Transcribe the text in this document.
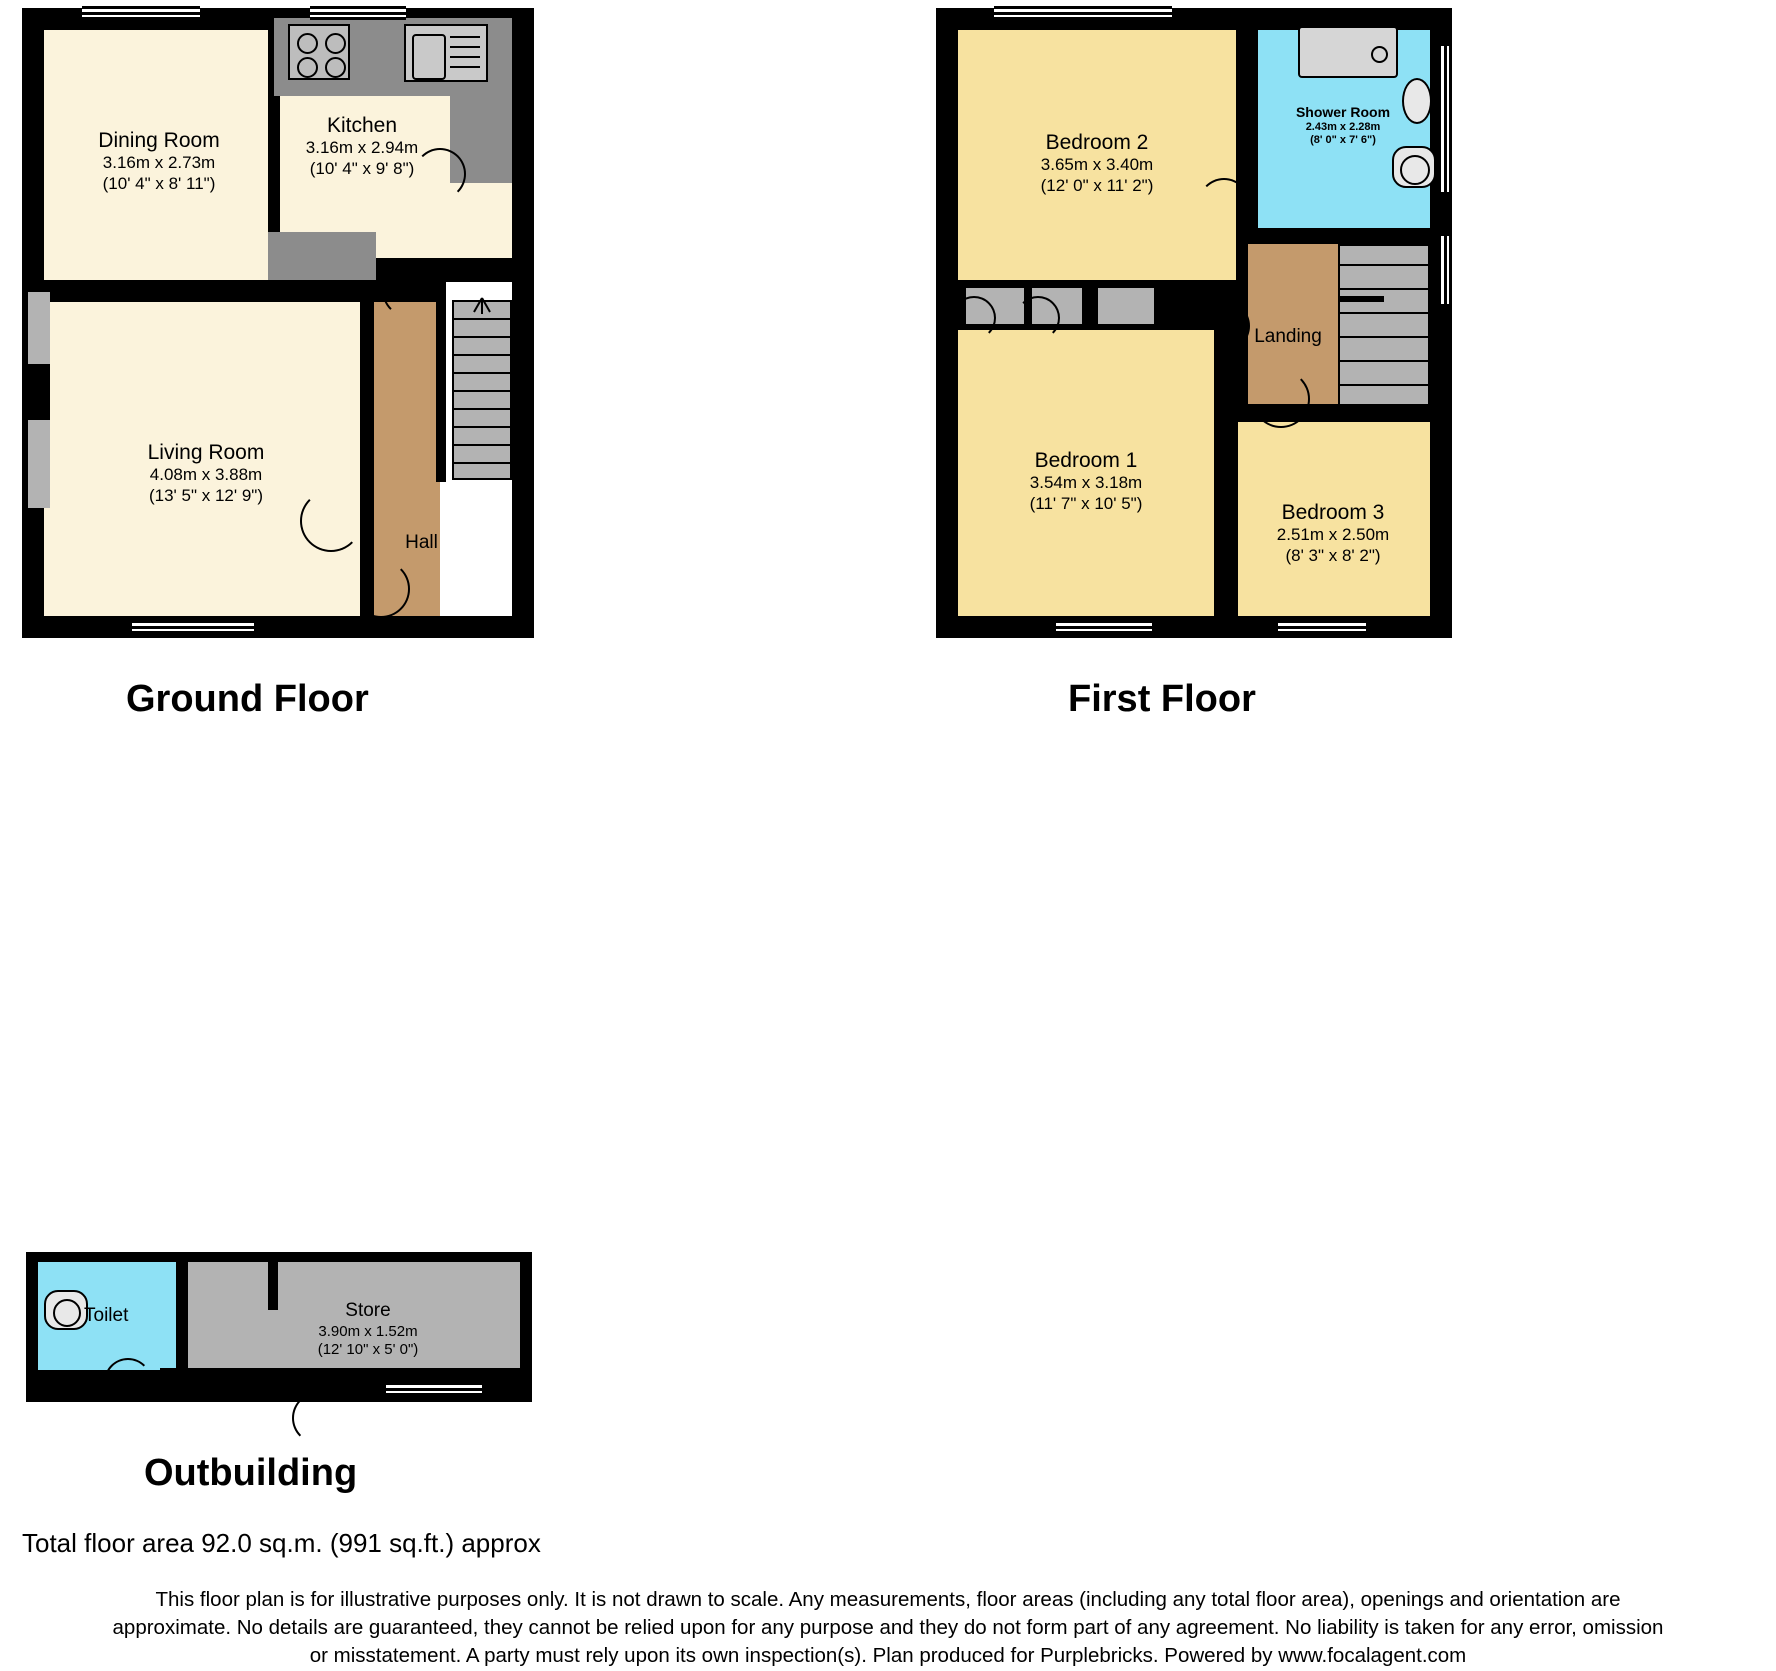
Dining Room
3.16m x 2.73m
(10' 4" x 8' 11")
Kitchen
3.16m x 2.94m
(10' 4" x 9' 8")
Living Room
4.08m x 3.88m
(13' 5" x 12' 9")
Hall
Ground Floor
Bedroom 2
3.65m x 3.40m
(12' 0" x 11' 2")
Shower Room
2.43m x 2.28m
(8' 0" x 7' 6")
Landing
Bedroom 1
3.54m x 3.18m
(11' 7" x 10' 5")	Bedroom 3
2.51m x 2.50m
(8' 3" x 8' 2")
First Floor
Toilet	Store
3.90m x 1.52m
(12' 10" x 5' 0")
Outbuilding
Total floor area 92.0 sq.m. (991 sq.ft.) approx
This floor plan is for illustrative purposes only. It is not drawn to scale. Any measurements, floor areas (including any total floor area), openings and orientation are
approximate. No details are guaranteed, they cannot be relied upon for any purpose and they do not form part of any agreement. No liability is taken for any error, omission
or misstatement. A party must rely upon its own inspection(s). Plan produced for Purplebricks. Powered by www.focalagent.com
